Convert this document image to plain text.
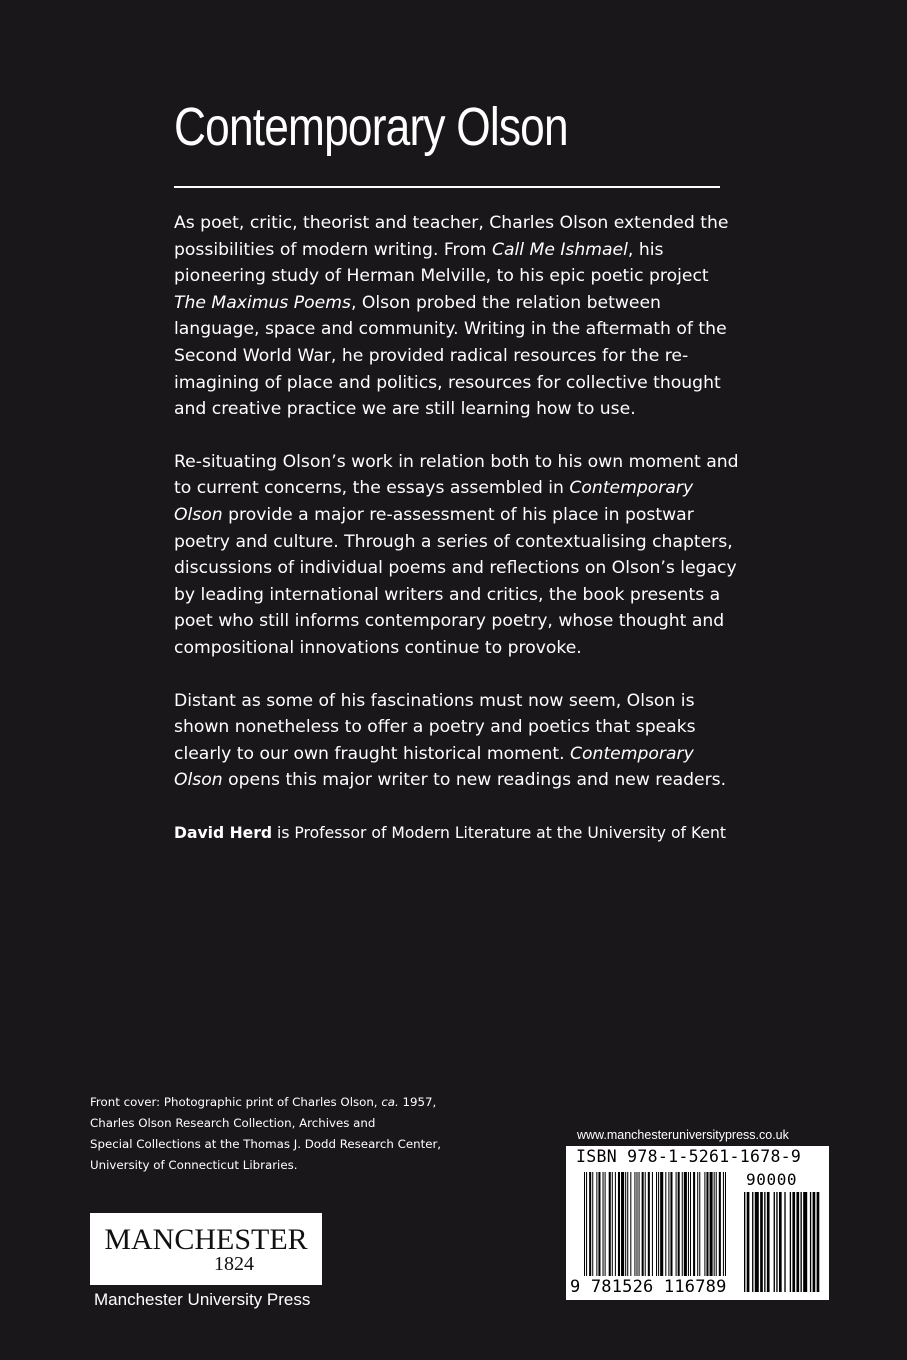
Contemporary Olson

As poet, critic, theorist and teacher, Charles Olson extended the possibilities of modern writing. From Call Me Ishmael, his pioneering study of Herman Melville, to his epic poetic project The Maximus Poems, Olson probed the relation between language, space and community. Writing in the aftermath of the Second World War, he provided radical resources for the re-imagining of place and politics, resources for collective thought and creative practice we are still learning how to use.

Re-situating Olson’s work in relation both to his own moment and to current concerns, the essays assembled in Contemporary Olson provide a major re-assessment of his place in postwar poetry and culture. Through a series of contextualising chapters, discussions of individual poems and reflections on Olson’s legacy by leading international writers and critics, the book presents a poet who still informs contemporary poetry, whose thought and compositional innovations continue to provoke.

Distant as some of his fascinations must now seem, Olson is shown nonetheless to offer a poetry and poetics that speaks clearly to our own fraught historical moment. Contemporary Olson opens this major writer to new readings and new readers.

David Herd is Professor of Modern Literature at the University of Kent

Front cover: Photographic print of Charles Olson, ca. 1957,
Charles Olson Research Collection, Archives and
Special Collections at the Thomas J. Dodd Research Center,
University of Connecticut Libraries.
MANCHESTER
1824
Manchester University Press
www.manchesteruniversitypress.co.uk
ISBN 978-1-5261-1678-9
90000
9 781526 116789
